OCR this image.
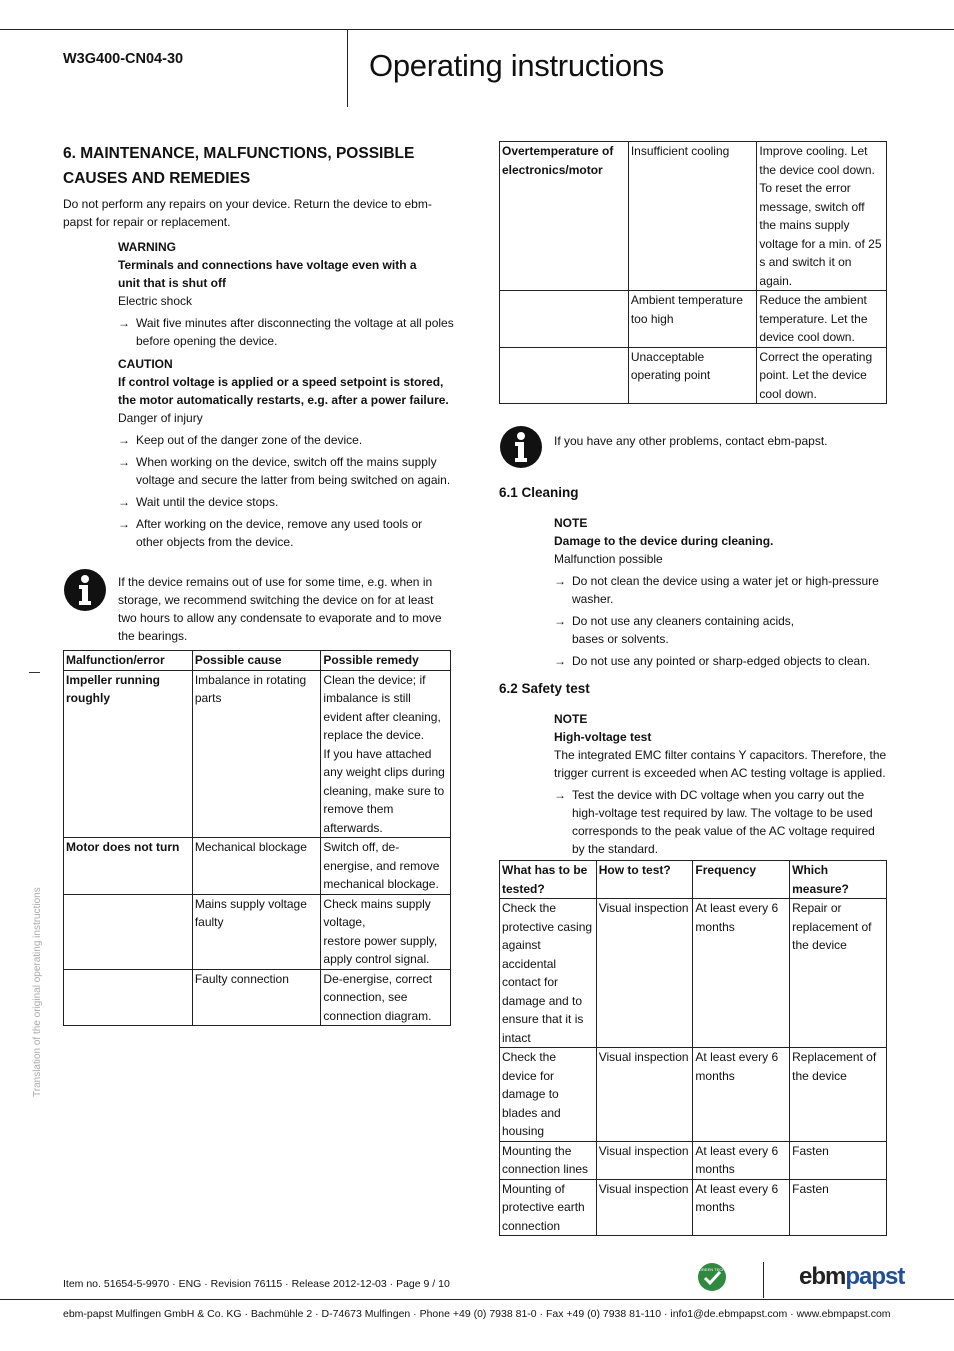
W3G400-CN04-30	Operating instructions
6. MAINTENANCE, MALFUNCTIONS, POSSIBLE CAUSES AND REMEDIES
Do not perform any repairs on your device. Return the device to ebm-papst for repair or replacement.
WARNING
Terminals and connections have voltage even with a unit that is shut off
Electric shock
→ Wait five minutes after disconnecting the voltage at all poles before opening the device.
CAUTION
If control voltage is applied or a speed setpoint is stored, the motor automatically restarts, e.g. after a power failure.
Danger of injury
→ Keep out of the danger zone of the device.
→ When working on the device, switch off the mains supply voltage and secure the latter from being switched on again.
→ Wait until the device stops.
→ After working on the device, remove any used tools or other objects from the device.
If the device remains out of use for some time, e.g. when in storage, we recommend switching the device on for at least two hours to allow any condensate to evaporate and to move the bearings.
Malfunction/error	Possible cause	Possible remedy
Impeller running roughly	Imbalance in rotating parts	Clean the device; if imbalance is still evident after cleaning, replace the device.
If you have attached any weight clips during cleaning, make sure to remove them afterwards.
Motor does not turn	Mechanical blockage	Switch off, de-energise, and remove mechanical blockage.
	Mains supply voltage faulty	Check mains supply voltage,
restore power supply,
apply control signal.
	Faulty connection	De-energise, correct connection, see connection diagram.
Translation of the original operating instructions
Overtemperature of electronics/motor	Insufficient cooling	Improve cooling. Let the device cool down.
To reset the error message, switch off the mains supply voltage for a min. of 25 s and switch it on again.
	Ambient temperature too high	Reduce the ambient temperature. Let the device cool down.
	Unacceptable operating point	Correct the operating point. Let the device cool down.
If you have any other problems, contact ebm-papst.
6.1 Cleaning
NOTE
Damage to the device during cleaning.
Malfunction possible
→ Do not clean the device using a water jet or high-pressure washer.
→ Do not use any cleaners containing acids, bases or solvents.
→ Do not use any pointed or sharp-edged objects to clean.
6.2 Safety test
NOTE
High-voltage test
The integrated EMC filter contains Y capacitors. Therefore, the trigger current is exceeded when AC testing voltage is applied.
→ Test the device with DC voltage when you carry out the high-voltage test required by law. The voltage to be used corresponds to the peak value of the AC voltage required by the standard.
What has to be tested?	How to test?	Frequency	Which measure?
Check the protective casing against accidental contact for damage and to ensure that it is intact	Visual inspection	At least every 6 months	Repair or replacement of the device
Check the device for damage to blades and housing	Visual inspection	At least every 6 months	Replacement of the device
Mounting the connection lines	Visual inspection	At least every 6 months	Fasten
Mounting of protective earth connection	Visual inspection	At least every 6 months	Fasten
Item no. 51654-5-9970 · ENG · Revision 76115 · Release 2012-12-03 · Page 9 / 10
GREEN TECH	ebmpapst
ebm-papst Mulfingen GmbH & Co. KG · Bachmühle 2 · D-74673 Mulfingen · Phone +49 (0) 7938 81-0 · Fax +49 (0) 7938 81-110 · info1@de.ebmpapst.com · www.ebmpapst.com
